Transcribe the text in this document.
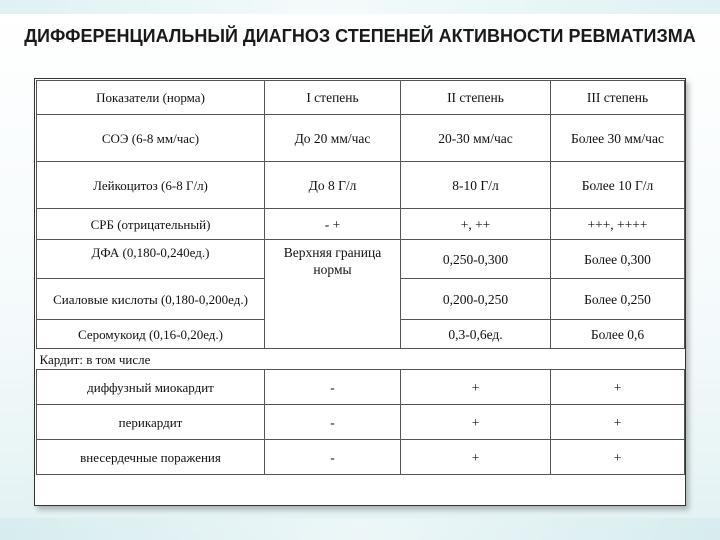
ДИФФЕРЕНЦИАЛЬНЫЙ ДИАГНОЗ СТЕПЕНЕЙ АКТИВНОСТИ РЕВМАТИЗМА
Показатели (норма)	I степень	II степень	III степень
СОЭ (6-8 мм/час)	До 20 мм/час	20-30 мм/час	Более 30 мм/час
Лейкоцитоз (6-8 Г/л)	До 8 Г/л	8-10 Г/л	Более 10 Г/л
СРБ (отрицательный)	- +	+, ++	+++, ++++
ДФА (0,180-0,240ед.)	Верхняя граница нормы	0,250-0,300	Более 0,300
Сиаловые кислоты (0,180-0,200ед.)		0,200-0,250	Более 0,250
Серомукоид (0,16-0,20ед.)		0,3-0,6ед.	Более 0,6
Кардит: в том числе			
диффузный миокардит	-	+	+
перикардит	-	+	+
внесердечные поражения	-	+	+
